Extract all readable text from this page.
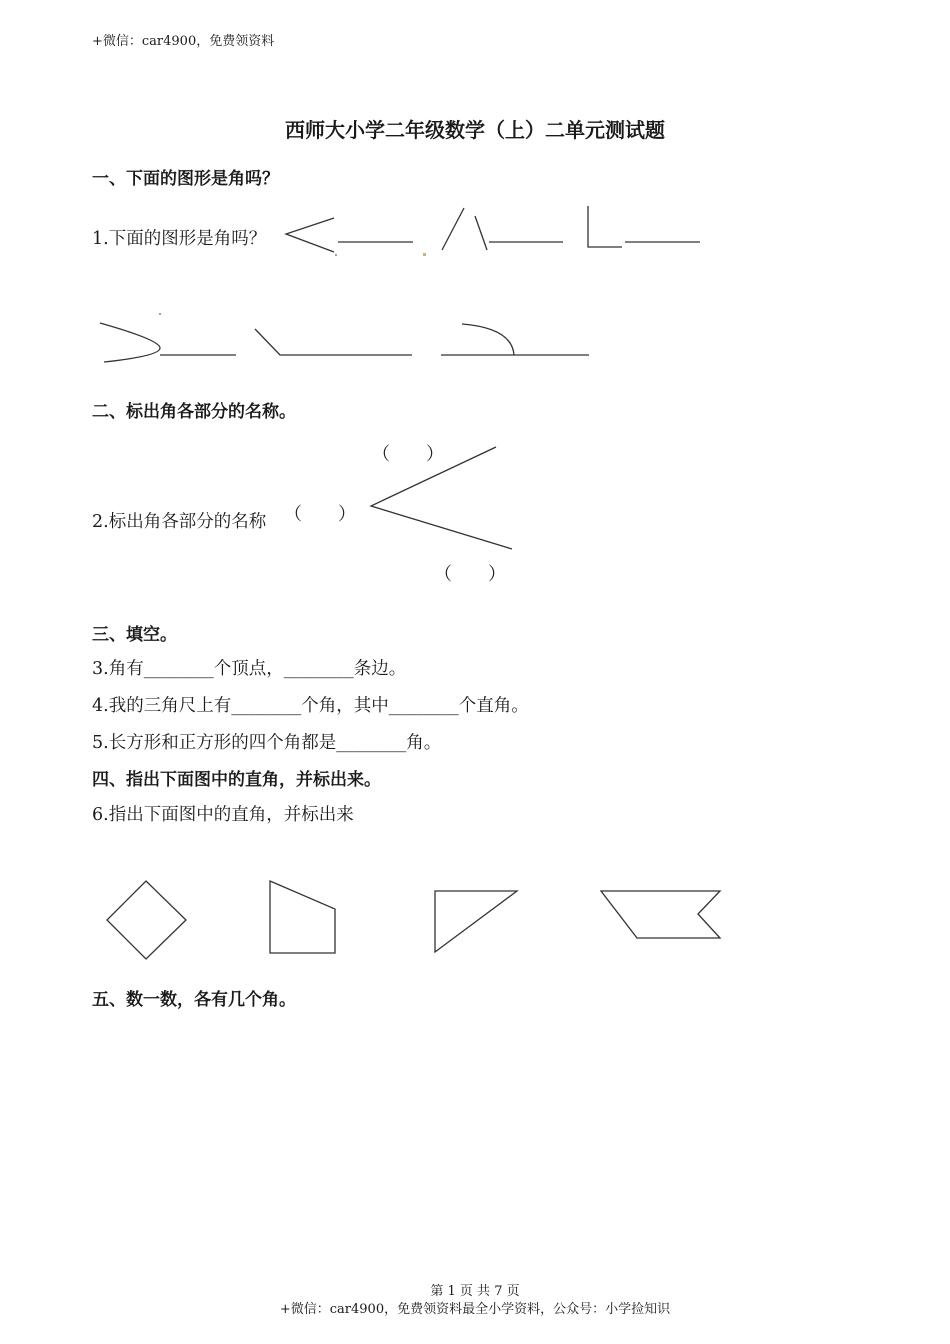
+微信：car4900，免费领资料
西师大小学二年级数学（上）二单元测试题
一、下面的图形是角吗？
1.下面的图形是角吗？
二、标出角各部分的名称。
2.标出角各部分的名称
（　　）
（　　）
（　　）
三、填空。
3.角有________个顶点，________条边。
4.我的三角尺上有________个角，其中________个直角。
5.长方形和正方形的四个角都是________角。
四、指出下面图中的直角，并标出来。
6.指出下面图中的直角，并标出来
五、数一数，各有几个角。
第 1 页 共 7 页
+微信：car4900，免费领资料最全小学资料，公众号：小学捡知识
